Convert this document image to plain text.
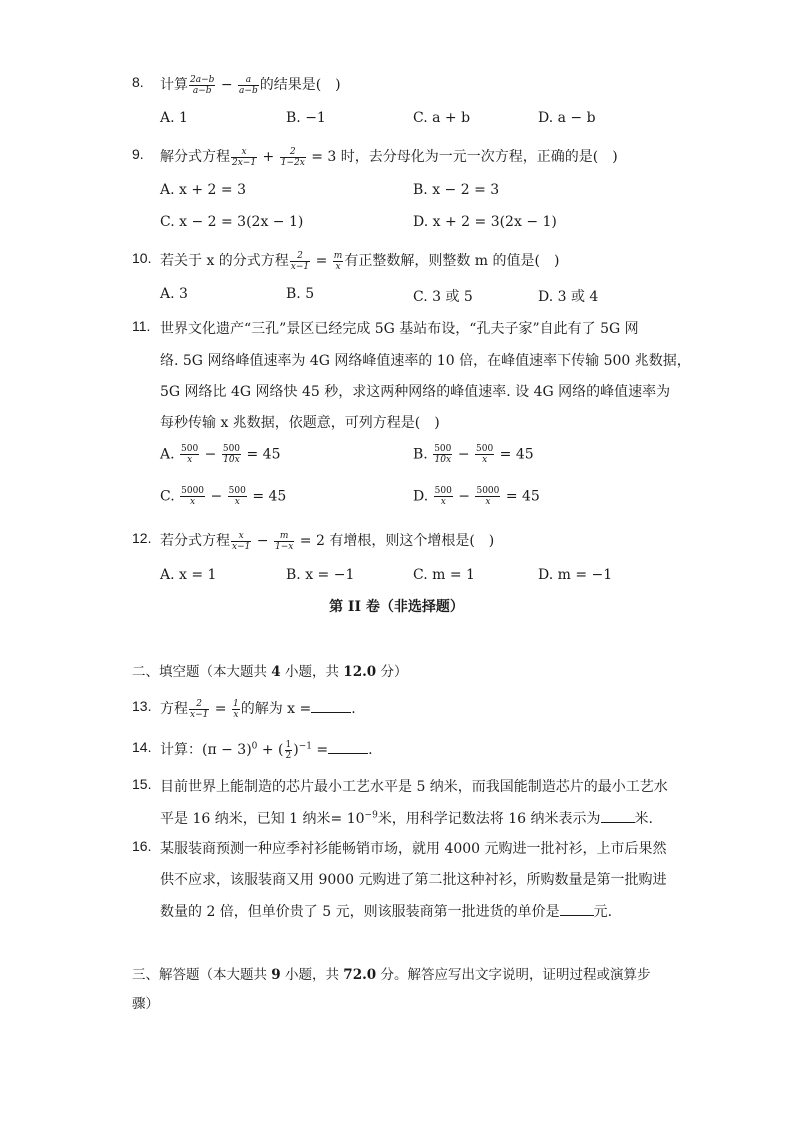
8.	计算 $\frac{2a-b}{a-b} - \frac{a}{a-b}$ 的结果是(　)
A. 1	B. −1	C. a + b	D. a − b
9.	解分式方程 $\frac{x}{2x-1} + \frac{2}{1-2x} = 3$ 时，去分母化为一元一次方程，正确的是(　)
A. x + 2 = 3	B. x − 2 = 3
C. x − 2 = 3(2x − 1)	D. x + 2 = 3(2x − 1)
10. 若关于 x 的分式方程 $\frac{2}{x-1} = \frac{m}{x}$ 有正整数解，则整数 m 的值是(　)
A. 3	B. 5	C. 3 或 5	D. 3 或 4
11. 世界文化遗产“三孔”景区已经完成 5G 基站布设，“孔夫子家”自此有了 5G 网
络. 5G 网络峰值速率为 4G 网络峰值速率的 10 倍，在峰值速率下传输 500 兆数据，
5G 网络比 4G 网络快 45 秒，求这两种网络的峰值速率. 设 4G 网络的峰值速率为
每秒传输 x 兆数据，依题意，可列方程是(　)
A. $\frac{500}{x} - \frac{500}{10x} = 45$	B. $\frac{500}{10x} - \frac{500}{x} = 45$
C. $\frac{5000}{x} - \frac{500}{x} = 45$	D. $\frac{500}{x} - \frac{5000}{x} = 45$
12. 若分式方程 $\frac{x}{x-1} - \frac{m}{1-x} = 2$ 有增根，则这个增根是(　)
A. x = 1	B. x = −1	C. m = 1	D. m = −1
第 II 卷（非选择题）
二、填空题（本大题共 4 小题，共 12.0 分）
13. 方程 $\frac{2}{x-1} = \frac{1}{x}$ 的解为 x =	.
14. 计算：$(\pi - 3)^0$ + ( $\frac{1}{2} )^{-1}$ =	.
15. 目前世界上能制造的芯片最小工艺水平是 5 纳米，而我国能制造芯片的最小工艺水
平是 16 纳米，已知 1 纳米= $10^{-9}$米，用科学记数法将 16 纳米表示为 米.
16. 某服装商预测一种应季衬衫能畅销市场，就用 4000 元购进一批衬衫，上市后果然
供不应求，该服装商又用 9000 元购进了第二批这种衬衫，所购数量是第一批购进
数量的 2 倍，但单价贵了 5 元，则该服装商第一批进货的单价是 元.
三、解答题（本大题共 9 小题，共 72.0 分。解答应写出文字说明，证明过程或演算步
骤）
